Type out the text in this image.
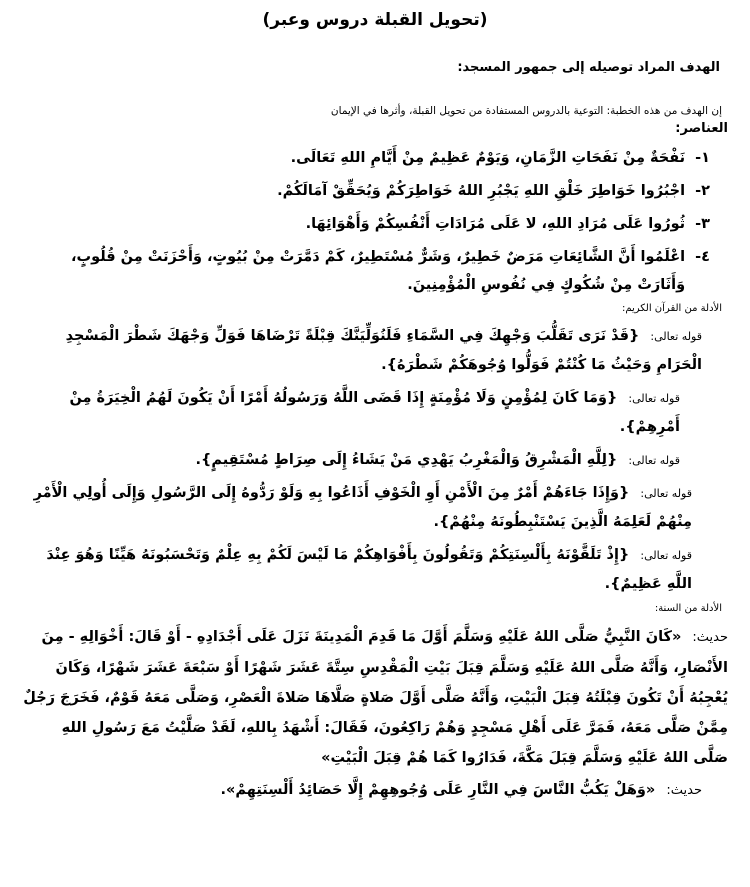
(تحويل القبلة دروس وعبر)
الهدف المراد توصيله إلى جمهور المسجد:
إن الهدف من هذه الخطبة: التوعية بالدروس المستفادة من تحويل القبلة، وأثرها في الإيمان
العناصر:
١-
نَفْحَةٌ مِنْ نَفَحَاتِ الزَّمَانِ، وَيَوْمٌ عَظِيمٌ مِنْ أَيَّامِ اللهِ تَعَالَى.
٢-
اجْبُرُوا خَوَاطِرَ خَلْقِ اللهِ يَجْبُرِ اللهُ خَوَاطِرَكُمْ وَيُحَقِّقْ آمَالَكُمْ.
٣-
ثُورُوا عَلَى مُرَادِ اللهِ، لا عَلَى مُرَادَاتِ أَنْفُسِكُمْ وَأَهْوَائِهَا.
٤-
اعْلَمُوا أَنَّ الشَّائِعَاتِ مَرَضٌ خَطِيرٌ، وَشَرٌّ مُسْتَطِيرٌ، كَمْ دَمَّرَتْ مِنْ بُيُوتٍ، وَأَحْزَنَتْ مِنْ قُلُوبٍ، وَأَثَارَتْ مِنْ شُكُوكٍ فِي نُفُوسِ الْمُؤْمِنِينَ.
الأدلة من القرآن الكريم:
قوله تعالى: {قَدْ نَرَى تَقَلُّبَ وَجْهِكَ فِي السَّمَاءِ فَلَنُوَلِّيَنَّكَ قِبْلَةً تَرْضَاهَا فَوَلِّ وَجْهَكَ شَطْرَ الْمَسْجِدِ الْحَرَامِ وَحَيْثُ مَا كُنْتُمْ فَوَلُّوا وُجُوهَكُمْ شَطْرَهُ}.
قوله تعالى: {وَمَا كَانَ لِمُؤْمِنٍ وَلَا مُؤْمِنَةٍ إِذَا قَضَى اللَّهُ وَرَسُولُهُ أَمْرًا أَنْ يَكُونَ لَهُمُ الْخِيَرَةُ مِنْ أَمْرِهِمْ}.
قوله تعالى: {لِلَّهِ الْمَشْرِقُ وَالْمَغْرِبُ يَهْدِي مَنْ يَشَاءُ إِلَى صِرَاطٍ مُسْتَقِيمٍ}.
قوله تعالى: {وَإِذَا جَاءَهُمْ أَمْرٌ مِنَ الْأَمْنِ أَوِ الْخَوْفِ أَذَاعُوا بِهِ وَلَوْ رَدُّوهُ إِلَى الرَّسُولِ وَإِلَى أُولِي الْأَمْرِ مِنْهُمْ لَعَلِمَهُ الَّذِينَ يَسْتَنْبِطُونَهُ مِنْهُمْ}.
قوله تعالى: {إِذْ تَلَقَّوْنَهُ بِأَلْسِنَتِكُمْ وَتَقُولُونَ بِأَفْوَاهِكُمْ مَا لَيْسَ لَكُمْ بِهِ عِلْمٌ وَتَحْسَبُونَهُ هَيِّنًا وَهُوَ عِنْدَ اللَّهِ عَظِيمٌ}.
الأدلة من السنة:
حديث: «كَانَ النَّبِيُّ صَلَّى اللهُ عَلَيْهِ وَسَلَّمَ أَوَّلَ مَا قَدِمَ الْمَدِينَةَ نَزَلَ عَلَى أَجْدَادِهِ - أَوْ قَالَ: أَخْوَالِهِ - مِنَ الأَنْصَارِ، وَأَنَّهُ صَلَّى اللهُ عَلَيْهِ وَسَلَّمَ قِبَلَ بَيْتِ الْمَقْدِسِ سِتَّةَ عَشَرَ شَهْرًا أَوْ سَبْعَةَ عَشَرَ شَهْرًا، وَكَانَ يُعْجِبُهُ أَنْ تَكُونَ قِبْلَتُهُ قِبَلَ الْبَيْتِ، وَأَنَّهُ صَلَّى أَوَّلَ صَلاةٍ صَلَّاهَا صَلاةَ الْعَصْرِ، وَصَلَّى مَعَهُ قَوْمٌ، فَخَرَجَ رَجُلٌ مِمَّنْ صَلَّى مَعَهُ، فَمَرَّ عَلَى أَهْلِ مَسْجِدٍ وَهُمْ رَاكِعُونَ، فَقَالَ: أَشْهَدُ بِاللهِ، لَقَدْ صَلَّيْتُ مَعَ رَسُولِ اللهِ صَلَّى اللهُ عَلَيْهِ وَسَلَّمَ قِبَلَ مَكَّةَ، فَدَارُوا كَمَا هُمْ قِبَلَ الْبَيْتِ»
حديث: «وَهَلْ يَكُبُّ النَّاسَ فِي النَّارِ عَلَى وُجُوهِهِمْ إِلَّا حَصَائِدُ أَلْسِنَتِهِمْ».
